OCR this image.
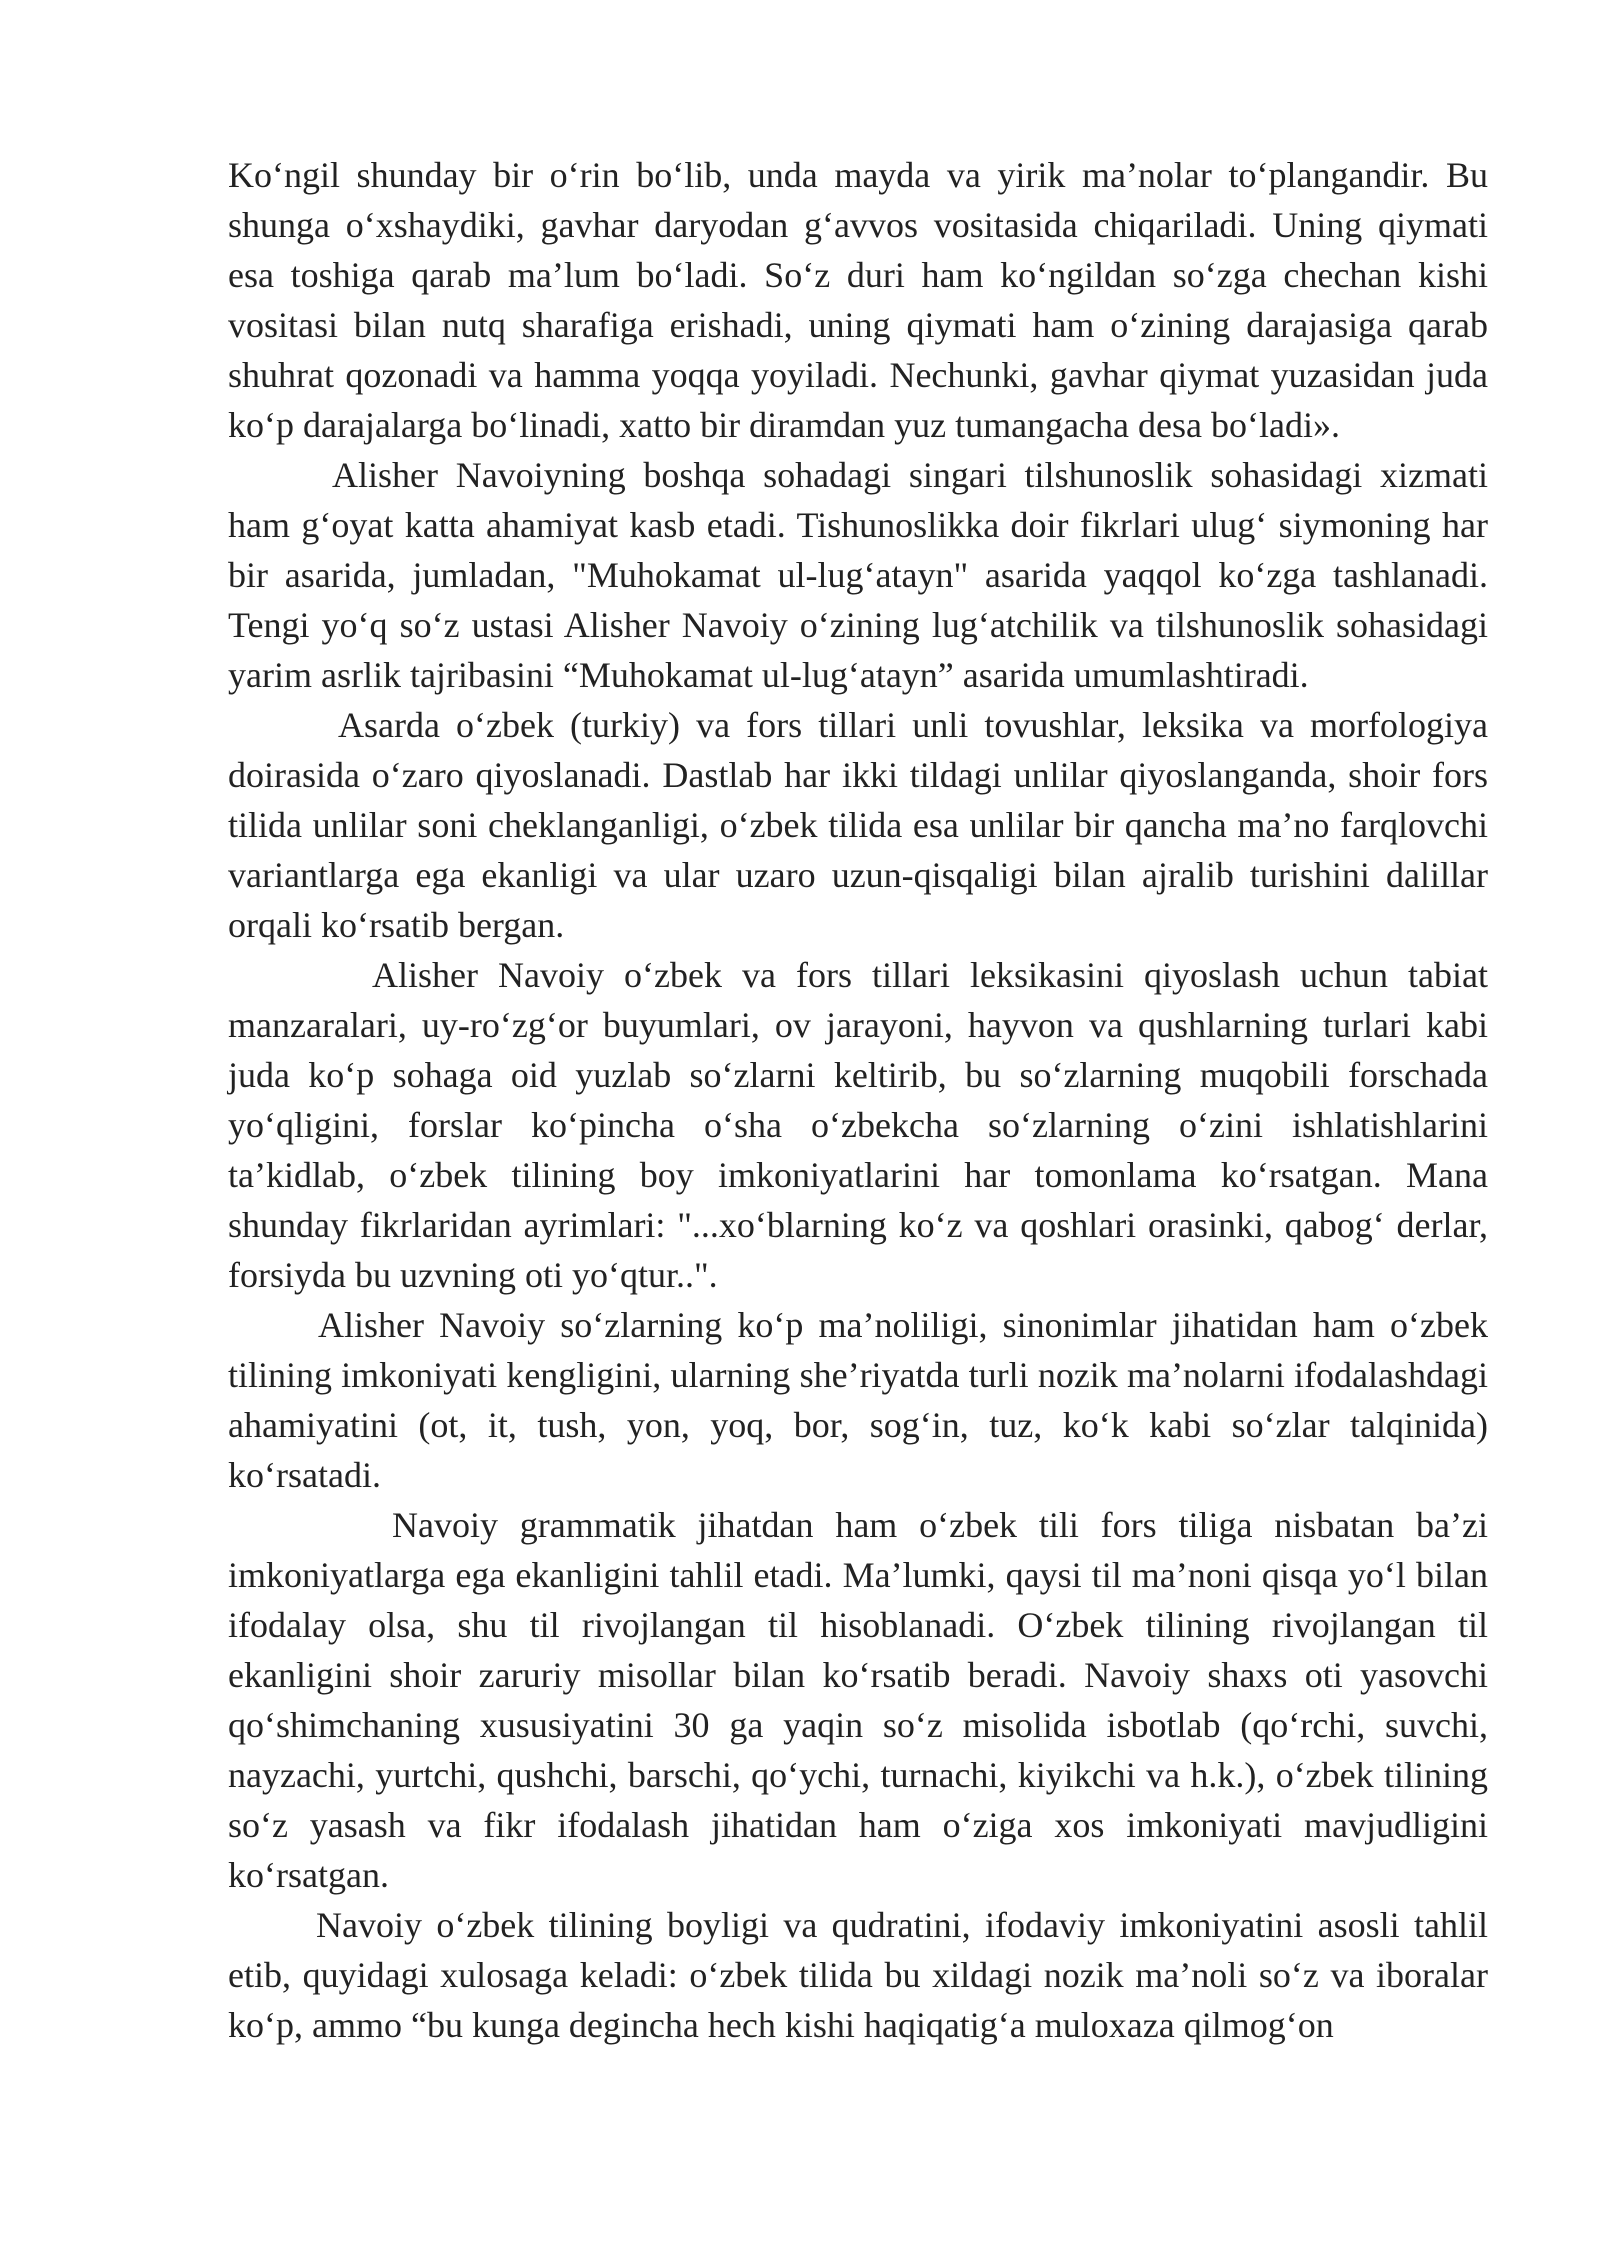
Ko‘ngil shunday bir o‘rin bo‘lib, unda mayda va yirik ma’nolar to‘plangandir. Bu shunga o‘xshaydiki, gavhar daryodan g‘avvos vositasida chiqariladi. Uning qiymati esa toshiga qarab ma’lum bo‘ladi. So‘z duri ham ko‘ngildan so‘zga chechan kishi vositasi bilan nutq sharafiga erishadi, uning qiymati ham o‘zining darajasiga qarab shuhrat qozonadi va hamma yoqqa yoyiladi. Nechunki, gavhar qiymat yuzasidan juda ko‘p darajalarga bo‘linadi, xatto bir diramdan yuz tumangacha desa bo‘ladi».

Alisher Navoiyning boshqa sohadagi singari tilshunoslik sohasidagi xizmati ham g‘oyat katta ahamiyat kasb etadi. Tishunoslikka doir fikrlari ulug‘ siymoning har bir asarida, jumladan, "Muhokamat ul-lug‘atayn" asarida yaqqol ko‘zga tashlanadi. Tengi yo‘q so‘z ustasi Alisher Navoiy o‘zining lug‘atchilik va tilshunoslik sohasidagi yarim asrlik tajribasini “Muhokamat ul-lug‘atayn” asarida umumlashtiradi.

Asarda o‘zbek (turkiy) va fors tillari unli tovushlar, leksika va morfologiya doirasida o‘zaro qiyoslanadi. Dastlab har ikki tildagi unlilar qiyoslanganda, shoir fors tilida unlilar soni cheklanganligi, o‘zbek tilida esa unlilar bir qancha ma’no farqlovchi variantlarga ega ekanligi va ular uzaro uzun-qisqaligi bilan ajralib turishini dalillar orqali ko‘rsatib bergan.

Alisher Navoiy o‘zbek va fors tillari leksikasini qiyoslash uchun tabiat manzaralari, uy-ro‘zg‘or buyumlari, ov jarayoni, hayvon va qushlarning turlari kabi juda ko‘p sohaga oid yuzlab so‘zlarni keltirib, bu so‘zlarning muqobili forschada yo‘qligini, forslar ko‘pincha o‘sha o‘zbekcha so‘zlarning o‘zini ishlatishlarini ta’kidlab, o‘zbek tilining boy imkoniyatlarini har tomonlama ko‘rsatgan. Mana shunday fikrlaridan ayrimlari: "...xo‘blarning ko‘z va qoshlari orasinki, qabog‘ derlar, forsiyda bu uzvning oti yo‘qtur..".

Alisher Navoiy so‘zlarning ko‘p ma’noliligi, sinonimlar jihatidan ham o‘zbek tilining imkoniyati kengligini, ularning she’riyatda turli nozik ma’nolarni ifodalashdagi ahamiyatini (ot, it, tush, yon, yoq, bor, sog‘in, tuz, ko‘k kabi so‘zlar talqinida) ko‘rsatadi.

Navoiy grammatik jihatdan ham o‘zbek tili fors tiliga nisbatan ba’zi imkoniyatlarga ega ekanligini tahlil etadi. Ma’lumki, qaysi til ma’noni qisqa yo‘l bilan ifodalay olsa, shu til rivojlangan til hisoblanadi. O‘zbek tilining rivojlangan til ekanligini shoir zaruriy misollar bilan ko‘rsatib beradi. Navoiy shaxs oti yasovchi qo‘shimchaning xususiyatini 30 ga yaqin so‘z misolida isbotlab (qo‘rchi, suvchi, nayzachi, yurtchi, qushchi, barschi, qo‘ychi, turnachi, kiyikchi va h.k.), o‘zbek tilining so‘z yasash va fikr ifodalash jihatidan ham o‘ziga xos imkoniyati mavjudligini ko‘rsatgan.

Navoiy o‘zbek tilining boyligi va qudratini, ifodaviy imkoniyatini asosli tahlil etib, quyidagi xulosaga keladi: o‘zbek tilida bu xildagi nozik ma’noli so‘z va iboralar ko‘p, ammo “bu kunga degincha hech kishi haqiqatig‘a muloxaza qilmog‘on
